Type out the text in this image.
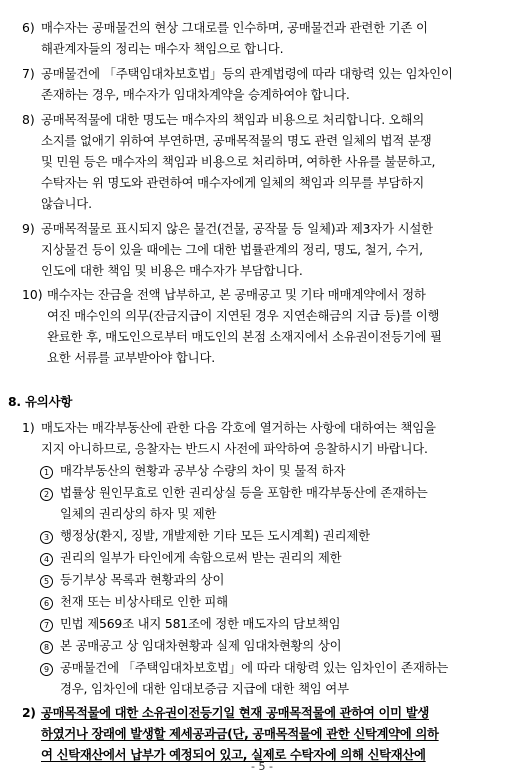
6) 매수자는 공매물건의 현상 그대로를 인수하며, 공매물건과 관련한 기존 이
해관계자들의 정리는 매수자 책임으로 합니다.
7) 공매물건에 「주택임대차보호법」등의 관계법령에 따라 대항력 있는 임차인이
존재하는 경우, 매수자가 임대차계약을 승계하여야 합니다.
8) 공매목적물에 대한 명도는 매수자의 책임과 비용으로 처리합니다. 오해의
소지를 없애기 위하여 부연하면, 공매목적물의 명도 관련 일체의 법적 분쟁
및 민원 등은 매수자의 책임과 비용으로 처리하며, 여하한 사유를 불문하고,
수탁자는 위 명도와 관련하여 매수자에게 일체의 책임과 의무를 부담하지
않습니다.
9) 공매목적물로 표시되지 않은 물건(건물, 공작물 등 일체)과 제3자가 시설한
지상물건 등이 있을 때에는 그에 대한 법률관계의 정리, 명도, 철거, 수거,
인도에 대한 책임 및 비용은 매수자가 부담합니다.
10) 매수자는 잔금을 전액 납부하고, 본 공매공고 및 기타 매매계약에서 정하
여진 매수인의 의무(잔금지급이 지연된 경우 지연손해금의 지급 등)를 이행
완료한 후, 매도인으로부터 매도인의 본점 소재지에서 소유권이전등기에 필
요한 서류를 교부받아야 합니다.
8. 유의사항
1) 매도자는 매각부동산에 관한 다음 각호에 열거하는 사항에 대하여는 책임을
지지 아니하므로, 응찰자는 반드시 사전에 파악하여 응찰하시기 바랍니다.
1 매각부동산의 현황과 공부상 수량의 차이 및 물적 하자
2 법률상 원인무효로 인한 권리상실 등을 포함한 매각부동산에 존재하는
일체의 권리상의 하자 및 제한
3 행정상(환지, 징발, 개발제한 기타 모든 도시계획) 권리제한
4 권리의 일부가 타인에게 속함으로써 받는 권리의 제한
5 등기부상 목록과 현황과의 상이
6 천재 또는 비상사태로 인한 피해
7 민법 제569조 내지 581조에 정한 매도자의 담보책임
8 본 공매공고 상 임대차현황과 실제 임대차현황의 상이
9 공매물건에 「주택임대차보호법」에 따라 대항력 있는 임차인이 존재하는
경우, 임차인에 대한 임대보증금 지급에 대한 책임 여부
2) 공매목적물에 대한 소유권이전등기일 현재 공매목적물에 관하여 이미 발생
하였거나 장래에 발생할 제세공과금(단, 공매목적물에 관한 신탁계약에 의하
여 신탁재산에서 납부가 예정되어 있고, 실제로 수탁자에 의해 신탁재산에
- 5 -
